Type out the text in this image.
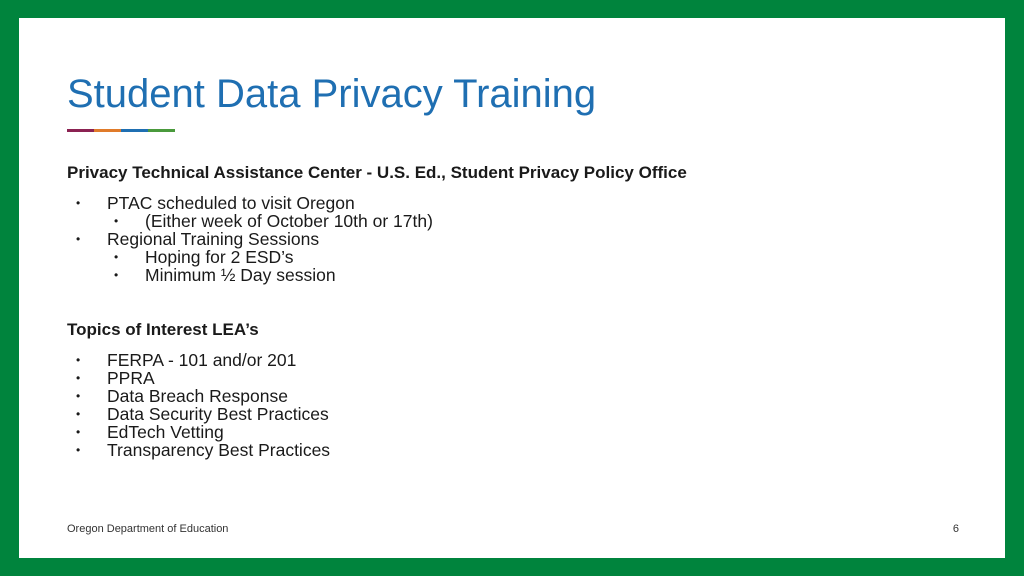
Student Data Privacy Training
Privacy Technical Assistance Center - U.S. Ed., Student Privacy Policy Office
• PTAC scheduled to visit Oregon
• (Either week of October 10th or 17th)
• Regional Training Sessions
• Hoping for 2 ESD’s
• Minimum ½ Day session
Topics of Interest LEA’s
• FERPA - 101 and/or 201
• PPRA
• Data Breach Response
• Data Security Best Practices
• EdTech Vetting
• Transparency Best Practices
Oregon Department of Education	6
